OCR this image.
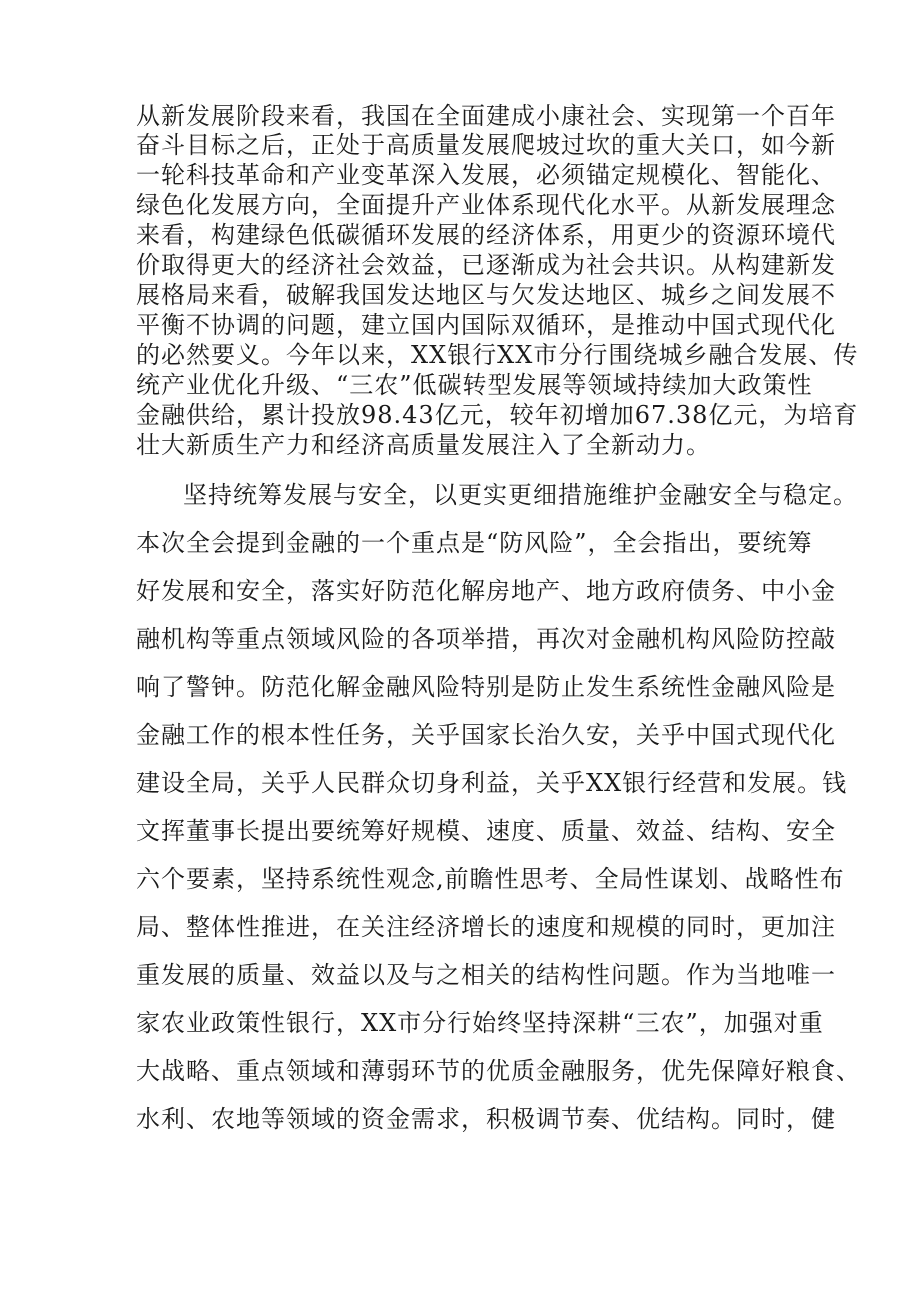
从新发展阶段来看，我国在全面建成小康社会、实现第一个百年

奋斗目标之后，正处于高质量发展爬坡过坎的重大关口，如今新

一轮科技革命和产业变革深入发展，必须锚定规模化、智能化、

绿色化发展方向，全面提升产业体系现代化水平。从新发展理念

来看，构建绿色低碳循环发展的经济体系，用更少的资源环境代

价取得更大的经济社会效益，已逐渐成为社会共识。从构建新发

展格局来看，破解我国发达地区与欠发达地区、城乡之间发展不

平衡不协调的问题，建立国内国际双循环，是推动中国式现代化

的必然要义。今年以来，XX银行XX市分行围绕城乡融合发展、传

统产业优化升级、“三农”低碳转型发展等领域持续加大政策性

金融供给，累计投放98.43亿元，较年初增加67.38亿元，为培育

壮大新质生产力和经济高质量发展注入了全新动力。

坚持统筹发展与安全，以更实更细措施维护金融安全与稳定。

本次全会提到金融的一个重点是“防风险”，全会指出，要统筹

好发展和安全，落实好防范化解房地产、地方政府债务、中小金

融机构等重点领域风险的各项举措，再次对金融机构风险防控敲

响了警钟。防范化解金融风险特别是防止发生系统性金融风险是

金融工作的根本性任务，关乎国家长治久安，关乎中国式现代化

建设全局，关乎人民群众切身利益，关乎XX银行经营和发展。钱

文挥董事长提出要统筹好规模、速度、质量、效益、结构、安全

六个要素，坚持系统性观念,前瞻性思考、全局性谋划、战略性布

局、整体性推进，在关注经济增长的速度和规模的同时，更加注

重发展的质量、效益以及与之相关的结构性问题。作为当地唯一

家农业政策性银行，XX市分行始终坚持深耕“三农”，加强对重

大战略、重点领域和薄弱环节的优质金融服务，优先保障好粮食、

水利、农地等领域的资金需求，积极调节奏、优结构。同时，健
